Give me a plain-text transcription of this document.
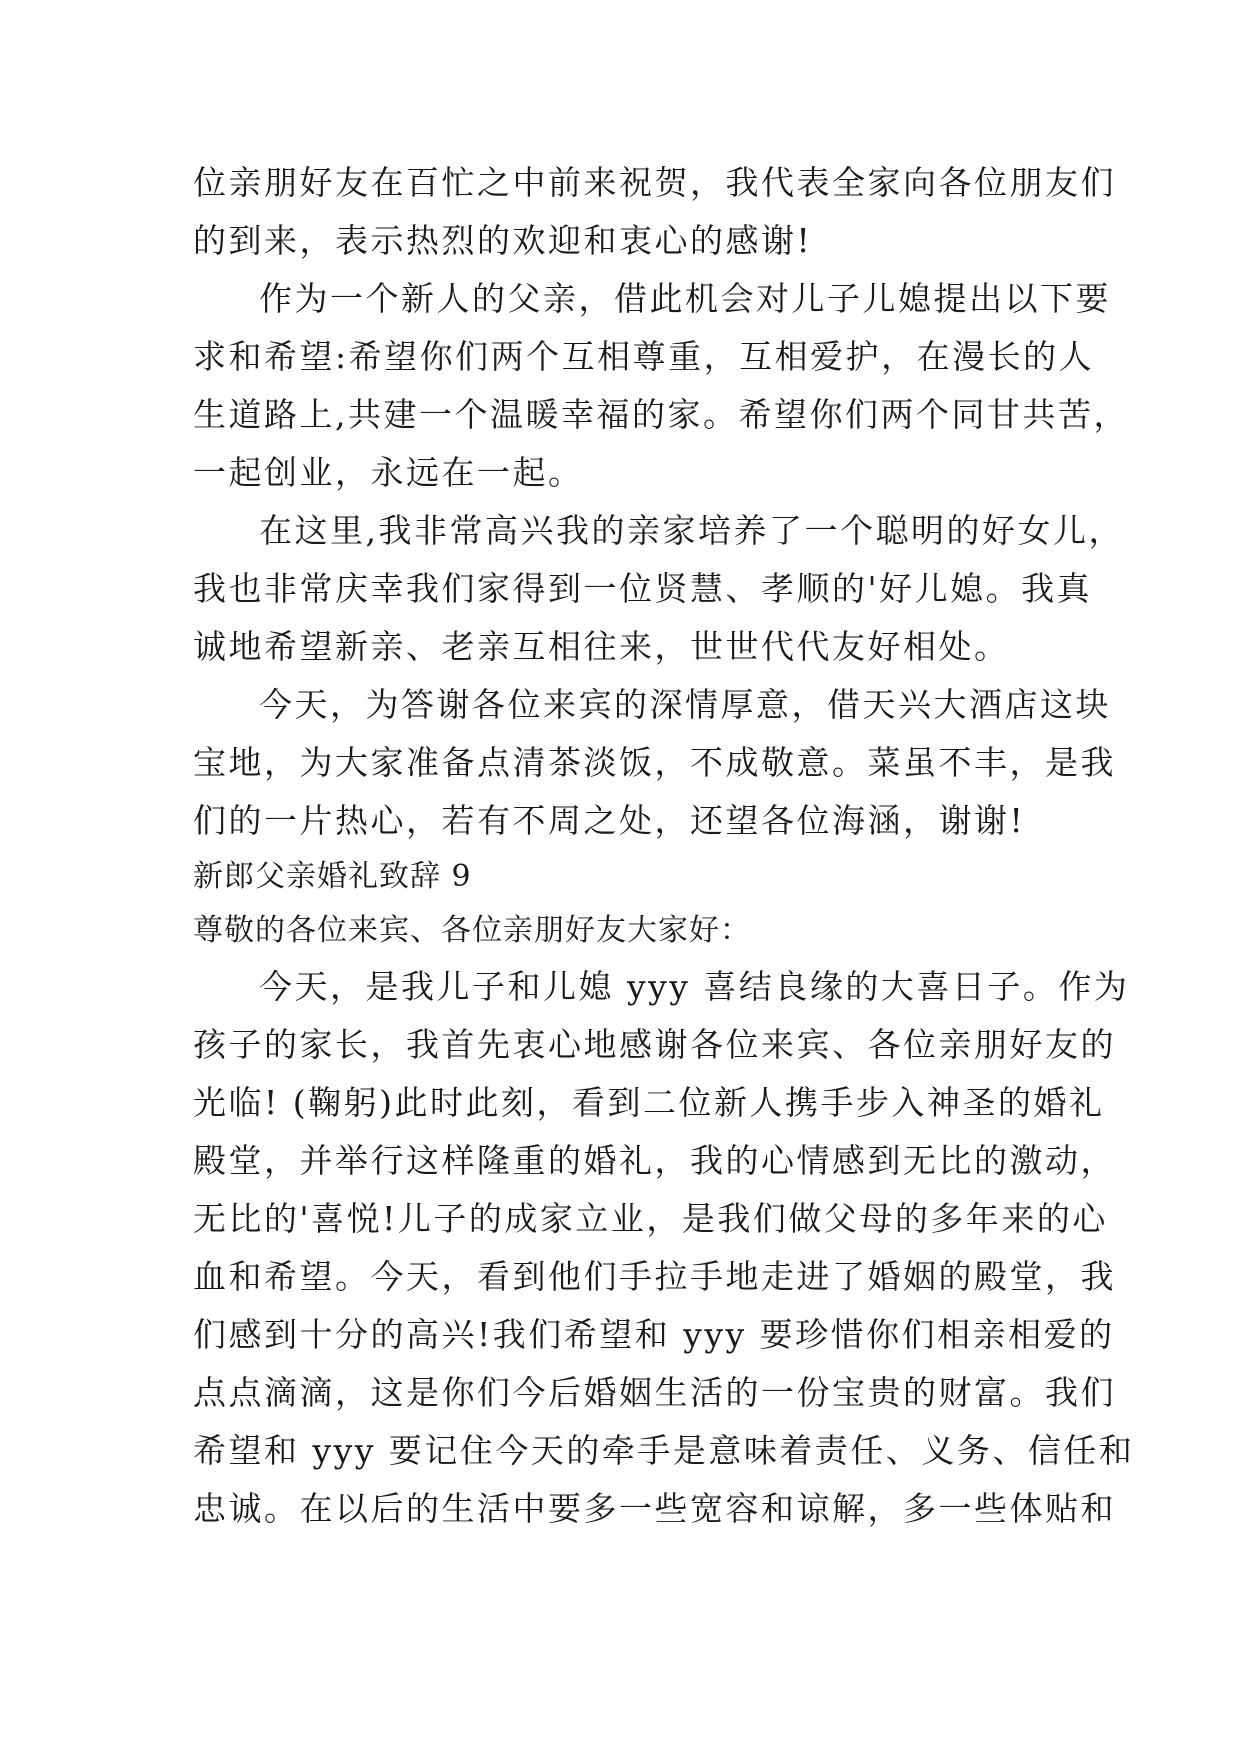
位亲朋好友在百忙之中前来祝贺，我代表全家向各位朋友们
的到来，表示热烈的欢迎和衷心的感谢!
作为一个新人的父亲，借此机会对儿子儿媳提出以下要
求和希望:希望你们两个互相尊重，互相爱护，在漫长的人
生道路上,共建一个温暖幸福的家。希望你们两个同甘共苦，
一起创业，永远在一起。
在这里,我非常高兴我的亲家培养了一个聪明的好女儿，
我也非常庆幸我们家得到一位贤慧、孝顺的'好儿媳。我真
诚地希望新亲、老亲互相往来，世世代代友好相处。
今天，为答谢各位来宾的深情厚意，借天兴大酒店这块
宝地，为大家准备点清茶淡饭，不成敬意。菜虽不丰，是我
们的一片热心，若有不周之处，还望各位海涵，谢谢!
新郎父亲婚礼致辞 9
尊敬的各位来宾、各位亲朋好友大家好：
今天，是我儿子和儿媳 yyy 喜结良缘的大喜日子。作为
孩子的家长，我首先衷心地感谢各位来宾、各位亲朋好友的
光临! (鞠躬)此时此刻，看到二位新人携手步入神圣的婚礼
殿堂，并举行这样隆重的婚礼，我的心情感到无比的激动，
无比的'喜悦!儿子的成家立业，是我们做父母的多年来的心
血和希望。今天，看到他们手拉手地走进了婚姻的殿堂，我
们感到十分的高兴!我们希望和 yyy 要珍惜你们相亲相爱的
点点滴滴，这是你们今后婚姻生活的一份宝贵的财富。我们
希望和 yyy 要记住今天的牵手是意味着责任、义务、信任和
忠诚。在以后的生活中要多一些宽容和谅解，多一些体贴和
